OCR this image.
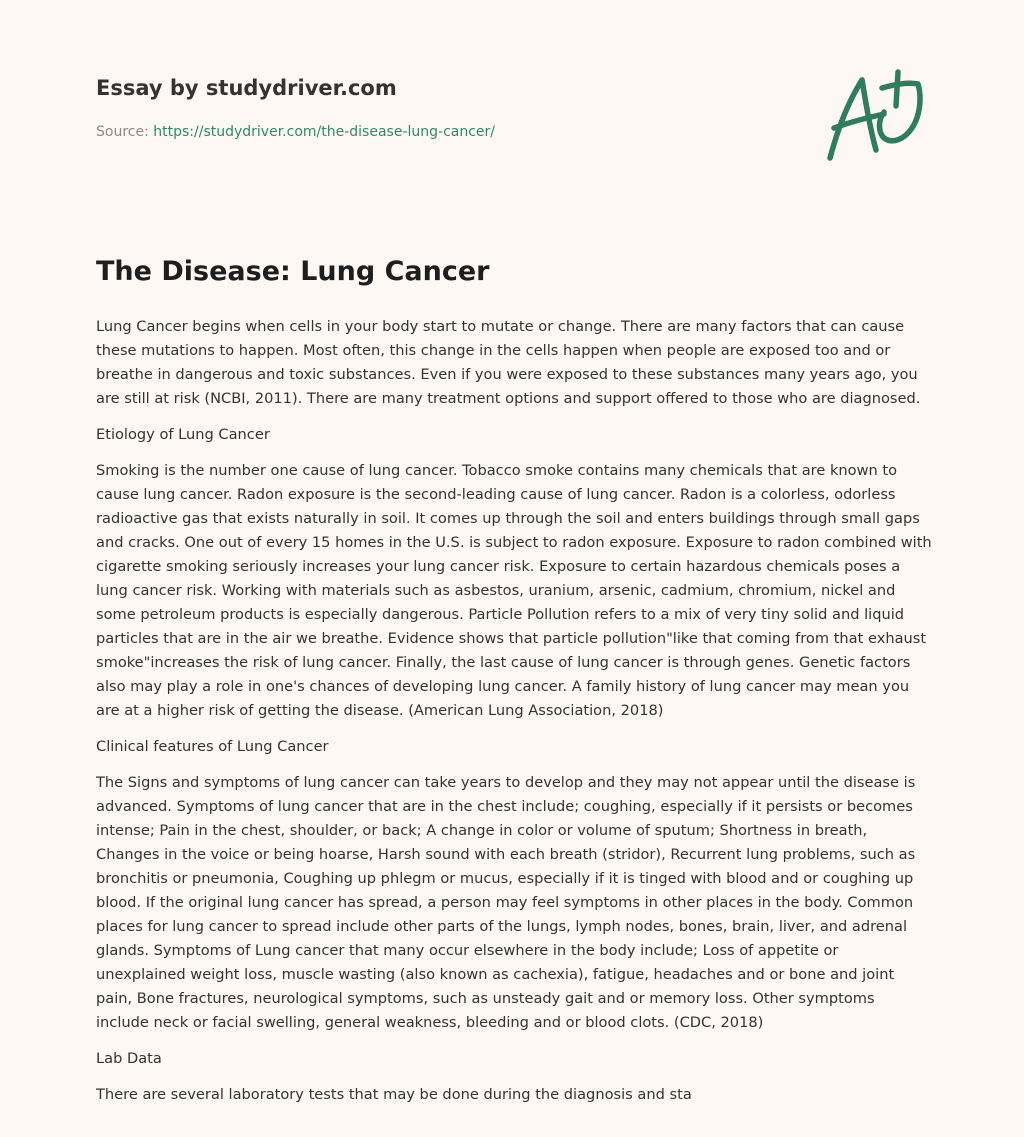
Essay by studydriver.com
Source: https://studydriver.com/the-disease-lung-cancer/
The Disease: Lung Cancer

Lung Cancer begins when cells in your body start to mutate or change. There are many factors that can cause these mutations to happen. Most often, this change in the cells happen when people are exposed too and or breathe in dangerous and toxic substances. Even if you were exposed to these substances many years ago, you are still at risk (NCBI, 2011). There are many treatment options and support offered to those who are diagnosed.

Etiology of Lung Cancer

Smoking is the number one cause of lung cancer. Tobacco smoke contains many chemicals that are known to cause lung cancer. Radon exposure is the second-leading cause of lung cancer. Radon is a colorless, odorless radioactive gas that exists naturally in soil. It comes up through the soil and enters buildings through small gaps and cracks. One out of every 15 homes in the U.S. is subject to radon exposure. Exposure to radon combined with cigarette smoking seriously increases your lung cancer risk. Exposure to certain hazardous chemicals poses a lung cancer risk. Working with materials such as asbestos, uranium, arsenic, cadmium, chromium, nickel and some petroleum products is especially dangerous. Particle Pollution refers to a mix of very tiny solid and liquid particles that are in the air we breathe. Evidence shows that particle pollution"like that coming from that exhaust smoke"increases the risk of lung cancer. Finally, the last cause of lung cancer is through genes. Genetic factors also may play a role in one's chances of developing lung cancer. A family history of lung cancer may mean you are at a higher risk of getting the disease. (American Lung Association, 2018)

Clinical features of Lung Cancer

The Signs and symptoms of lung cancer can take years to develop and they may not appear until the disease is advanced. Symptoms of lung cancer that are in the chest include; coughing, especially if it persists or becomes intense; Pain in the chest, shoulder, or back; A change in color or volume of sputum; Shortness in breath, Changes in the voice or being hoarse, Harsh sound with each breath (stridor), Recurrent lung problems, such as bronchitis or pneumonia, Coughing up phlegm or mucus, especially if it is tinged with blood and or coughing up blood. If the original lung cancer has spread, a person may feel symptoms in other places in the body. Common places for lung cancer to spread include other parts of the lungs, lymph nodes, bones, brain, liver, and adrenal glands. Symptoms of Lung cancer that many occur elsewhere in the body include; Loss of appetite or unexplained weight loss, muscle wasting (also known as cachexia), fatigue, headaches and or bone and joint pain, Bone fractures, neurological symptoms, such as unsteady gait and or memory loss. Other symptoms include neck or facial swelling, general weakness, bleeding and or blood clots. (CDC, 2018)

Lab Data

There are several laboratory tests that may be done during the diagnosis and sta
